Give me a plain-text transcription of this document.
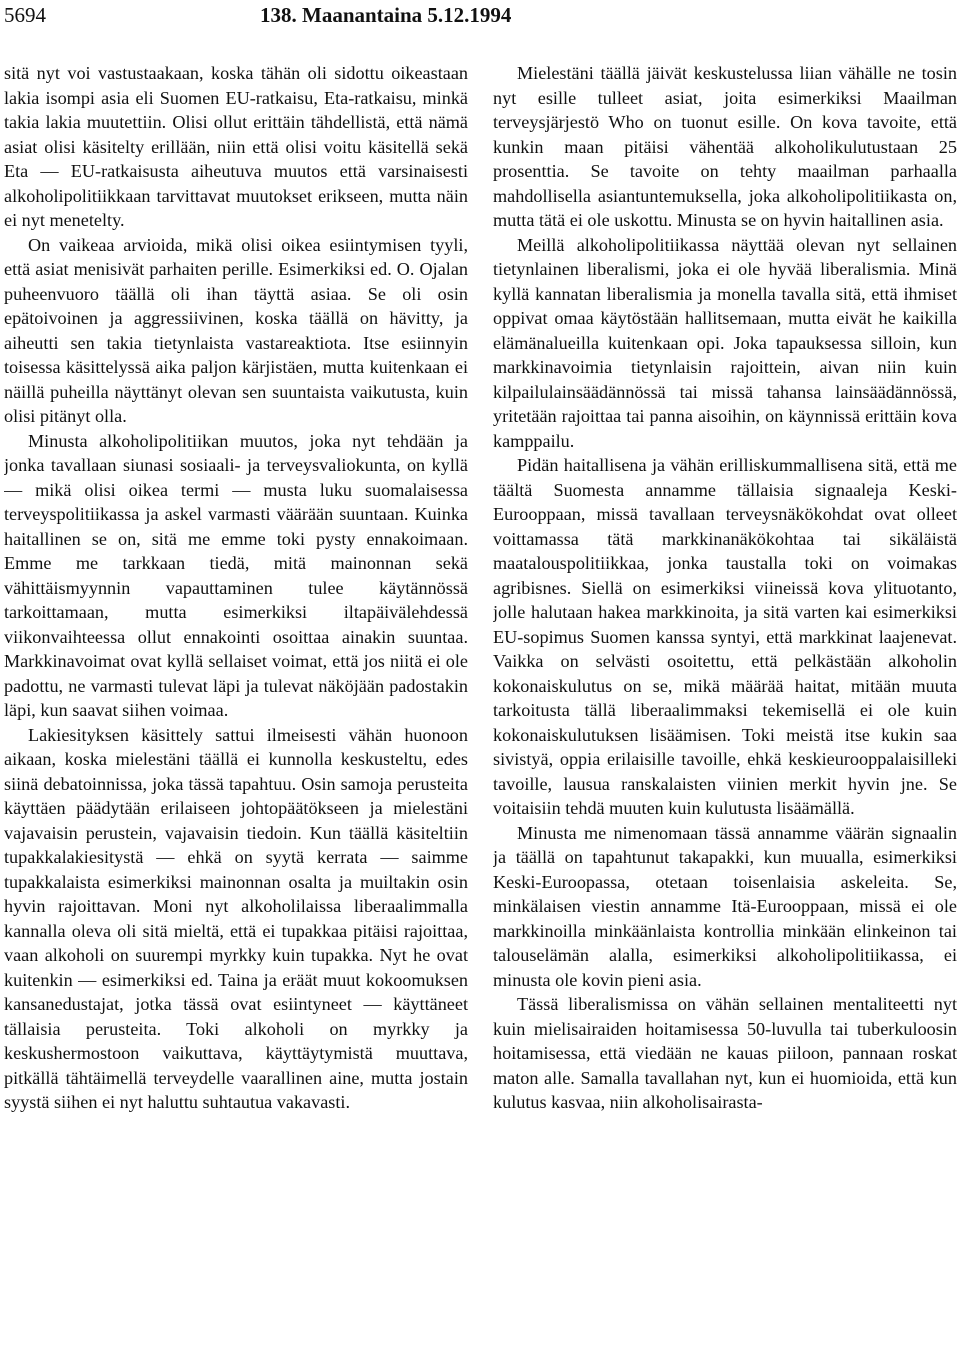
5694	138. Maanantaina 5.12.1994

sitä nyt voi vastustaakaan, koska tähän oli sidottu oikeastaan lakia isompi asia eli Suomen EU-ratkaisu, Eta-ratkaisu, minkä takia lakia muutettiin. Olisi ollut erittäin tähdellistä, että nämä asiat olisi käsitelty erillään, niin että olisi voitu käsitellä sekä Eta — EU-ratkaisusta aiheutuva muutos että varsinaisesti alkoholipolitiikkaan tarvittavat muutokset erikseen, mutta näin ei nyt menetelty.

On vaikeaa arvioida, mikä olisi oikea esiintymisen tyyli, että asiat menisivät parhaiten perille. Esimerkiksi ed. O. Ojalan puheenvuoro täällä oli ihan täyttä asiaa. Se oli osin epätoivoinen ja aggressiivinen, koska täällä on hävitty, ja aiheutti sen takia tietynlaista vastareaktiota. Itse esiinnyin toisessa käsittelyssä aika paljon kärjistäen, mutta kuitenkaan ei näillä puheilla näyttänyt olevan sen suuntaista vaikutusta, kuin olisi pitänyt olla.

Minusta alkoholipolitiikan muutos, joka nyt tehdään ja jonka tavallaan siunasi sosiaali- ja terveysvaliokunta, on kyllä — mikä olisi oikea termi — musta luku suomalaisessa terveyspolitiikassa ja askel varmasti väärään suuntaan. Kuinka haitallinen se on, sitä me emme toki pysty ennakoimaan. Emme me tarkkaan tiedä, mitä mainonnan sekä vähittäismyynnin vapauttaminen tulee käytännössä tarkoittamaan, mutta esimerkiksi iltapäivälehdessä viikonvaihteessa ollut ennakointi osoittaa ainakin suuntaa. Markkinavoimat ovat kyllä sellaiset voimat, että jos niitä ei ole padottu, ne varmasti tulevat läpi ja tulevat näköjään padostakin läpi, kun saavat siihen voimaa.

Lakiesityksen käsittely sattui ilmeisesti vähän huonoon aikaan, koska mielestäni täällä ei kunnolla keskusteltu, edes siinä debatoinnissa, joka tässä tapahtuu. Osin samoja perusteita käyttäen päädytään erilaiseen johtopäätökseen ja mielestäni vajavaisin perustein, vajavaisin tiedoin. Kun täällä käsiteltiin tupakkalakiesitystä — ehkä on syytä kerrata — saimme tupakkalaista esimerkiksi mainonnan osalta ja muiltakin osin hyvin rajoittavan. Moni nyt alkoholilaissa liberaalimmalla kannalla oleva oli sitä mieltä, että ei tupakkaa pitäisi rajoittaa, vaan alkoholi on suurempi myrkky kuin tupakka. Nyt he ovat kuitenkin — esimerkiksi ed. Taina ja eräät muut kokoomuksen kansanedustajat, jotka tässä ovat esiintyneet — käyttäneet tällaisia perusteita. Toki alkoholi on myrkky ja keskushermostoon vaikuttava, käyttäytymistä muuttava, pitkällä tähtäimellä terveydelle vaarallinen aine, mutta jostain syystä siihen ei nyt haluttu suhtautua vakavasti.

Mielestäni täällä jäivät keskustelussa liian vähälle ne tosin nyt esille tulleet asiat, joita esimerkiksi Maailman terveysjärjestö Who on tuonut esille. On kova tavoite, että kunkin maan pitäisi vähentää alkoholikulutustaan 25 prosenttia. Se tavoite on tehty maailman parhaalla mahdollisella asiantuntemuksella, joka alkoholipolitiikasta on, mutta tätä ei ole uskottu. Minusta se on hyvin haitallinen asia.

Meillä alkoholipolitiikassa näyttää olevan nyt sellainen tietynlainen liberalismi, joka ei ole hyvää liberalismia. Minä kyllä kannatan liberalismia ja monella tavalla sitä, että ihmiset oppivat omaa käytöstään hallitsemaan, mutta eivät he kaikilla elämänalueilla kuitenkaan opi. Joka tapauksessa silloin, kun markkinavoimia tietynlaisin rajoittein, aivan niin kuin kilpailulainsäädännössä tai missä tahansa lainsäädännössä, yritetään rajoittaa tai panna aisoihin, on käynnissä erittäin kova kamppailu.

Pidän haitallisena ja vähän erilliskummallisena sitä, että me täältä Suomesta annamme tällaisia signaaleja Keski-Eurooppaan, missä tavallaan terveysnäkökohdat ovat olleet voittamassa tätä markkinanäkökohtaa tai sikäläistä maatalouspolitiikkaa, jonka taustalla toki on voimakas agribisnes. Siellä on esimerkiksi viineissä kova ylituotanto, jolle halutaan hakea markkinoita, ja sitä varten kai esimerkiksi EU-sopimus Suomen kanssa syntyi, että markkinat laajenevat. Vaikka on selvästi osoitettu, että pelkästään alkoholin kokonaiskulutus on se, mikä määrää haitat, mitään muuta tarkoitusta tällä liberaalimmaksi tekemisellä ei ole kuin kokonaiskulutuksen lisäämisen. Toki meistä itse kukin saa sivistyä, oppia erilaisille tavoille, ehkä keskieurooppalaisilleki tavoille, lausua ranskalaisten viinien merkit hyvin jne. Se voitaisiin tehdä muuten kuin kulutusta lisäämällä.

Minusta me nimenomaan tässä annamme väärän signaalin ja täällä on tapahtunut takapakki, kun muualla, esimerkiksi Keski-Euroopassa, otetaan toisenlaisia askeleita. Se, minkälaisen viestin annamme Itä-Eurooppaan, missä ei ole markkinoilla minkäänlaista kontrollia minkään elinkeinon tai talouselämän alalla, esimerkiksi alkoholipolitiikassa, ei minusta ole kovin pieni asia.

Tässä liberalismissa on vähän sellainen mentaliteetti nyt kuin mielisairaiden hoitamisessa 50-luvulla tai tuberkuloosin hoitamisessa, että viedään ne kauas piiloon, pannaan roskat maton alle. Samalla tavallahan nyt, kun ei huomioida, että kun kulutus kasvaa, niin alkoholisairasta-
